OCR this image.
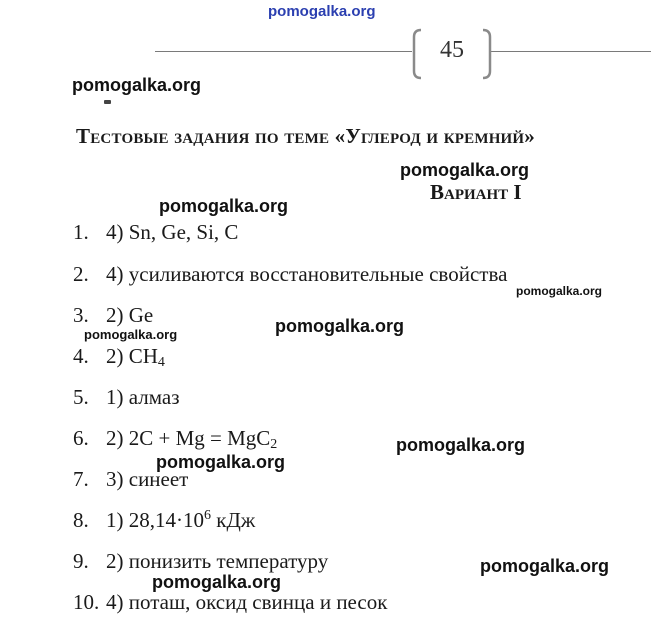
pomogalka.org
45
pomogalka.org
Тестовые задания по теме «Углерод и кремний»
pomogalka.org
Вариант I
pomogalka.org
1. 4) Sn, Ge, Si, C
2. 4) усиливаются восстановительные свойства
pomogalka.org
3. 2) Ge	pomogalka.org
pomogalka.org
4. 2) $CH_4$
5. 1) алмаз
6. 2) 2C + Mg = MgC$_2$	pomogalka.org
pomogalka.org
7. 3) синеет
8. 1) $28,14\cdot 10^6$ кДж
9. 2) понизить температуру	pomogalka.org
pomogalka.org
10. 4) поташ, оксид свинца и песок
